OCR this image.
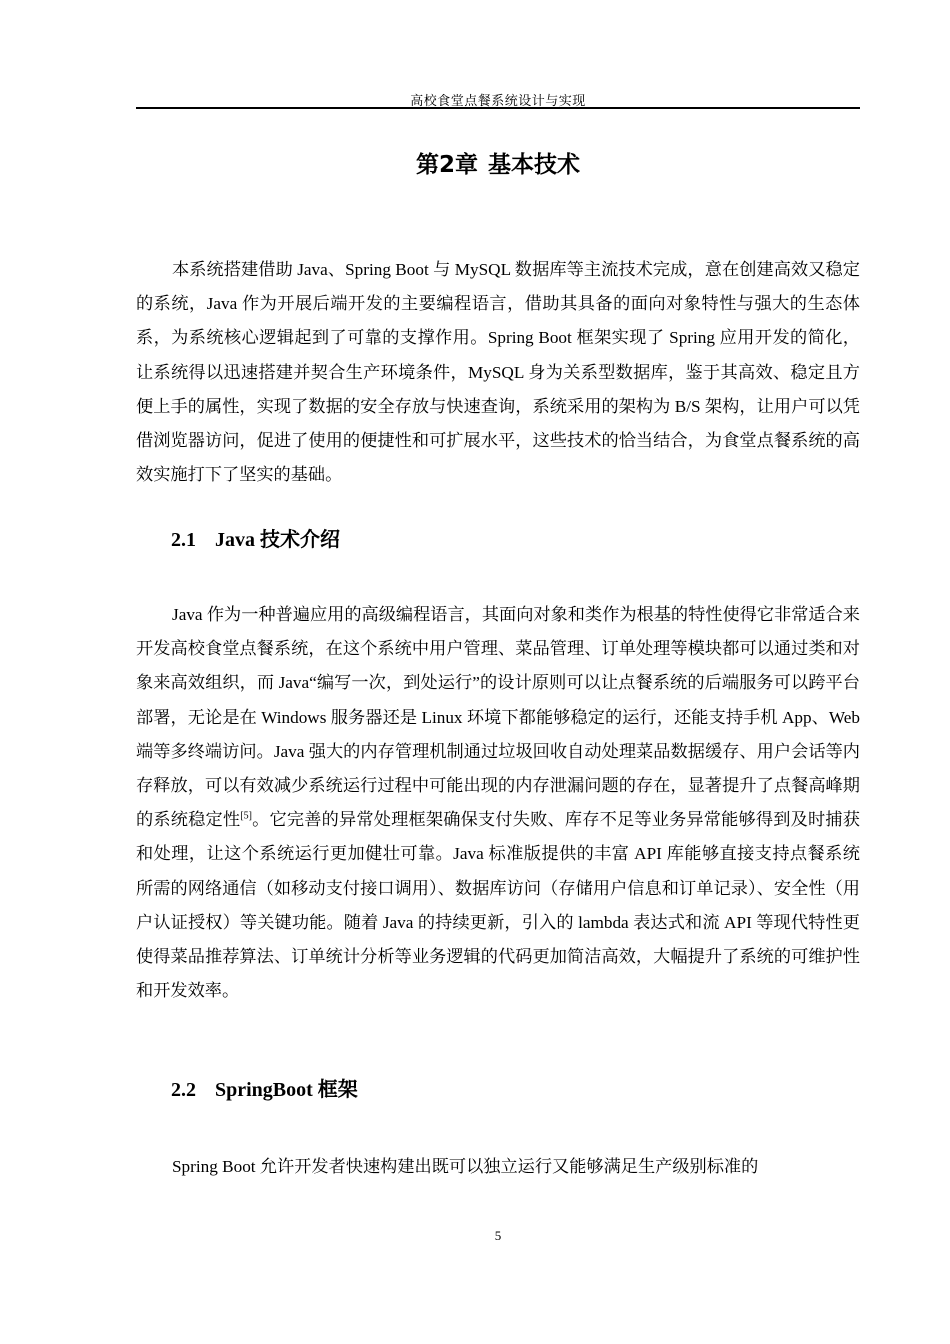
高校食堂点餐系统设计与实现
第2章 基本技术

本系统搭建借助 Java、Spring Boot 与 MySQL 数据库等主流技术完成，意在创建高效又稳定的系统，Java 作为开展后端开发的主要编程语言，借助其具备的面向对象特性与强大的生态体系，为系统核心逻辑起到了可靠的支撑作用。Spring Boot 框架实现了 Spring 应用开发的简化，让系统得以迅速搭建并契合生产环境条件，MySQL 身为关系型数据库，鉴于其高效、稳定且方便上手的属性，实现了数据的安全存放与快速查询，系统采用的架构为 B/S 架构，让用户可以凭借浏览器访问，促进了使用的便捷性和可扩展水平，这些技术的恰当结合，为食堂点餐系统的高效实施打下了坚实的基础。

2.1 Java 技术介绍

Java 作为一种普遍应用的高级编程语言，其面向对象和类作为根基的特性使得它非常适合来开发高校食堂点餐系统，在这个系统中用户管理、菜品管理、订单处理等模块都可以通过类和对象来高效组织，而 Java“编写一次，到处运行”的设计原则可以让点餐系统的后端服务可以跨平台部署，无论是在 Windows 服务器还是 Linux 环境下都能够稳定的运行，还能支持手机 App、Web 端等多终端访问。Java 强大的内存管理机制通过垃圾回收自动处理菜品数据缓存、用户会话等内存释放，可以有效减少系统运行过程中可能出现的内存泄漏问题的存在，显著提升了点餐高峰期的系统稳定性[5]。它完善的异常处理框架确保支付失败、库存不足等业务异常能够得到及时捕获和处理，让这个系统运行更加健壮可靠。Java 标准版提供的丰富 API 库能够直接支持点餐系统所需的网络通信（如移动支付接口调用）、数据库访问（存储用户信息和订单记录）、安全性（用户认证授权）等关键功能。随着 Java 的持续更新，引入的 lambda 表达式和流 API 等现代特性更使得菜品推荐算法、订单统计分析等业务逻辑的代码更加简洁高效，大幅提升了系统的可维护性和开发效率。

2.2 SpringBoot 框架

Spring Boot 允许开发者快速构建出既可以独立运行又能够满足生产级别标准的

5
